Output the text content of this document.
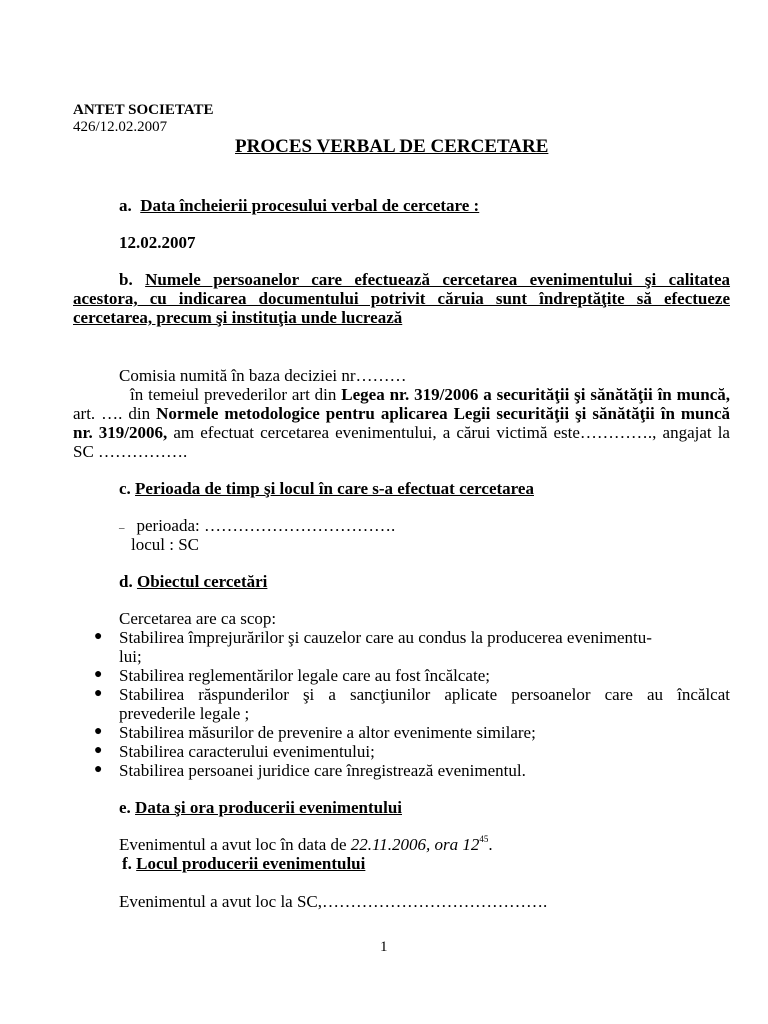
ANTET SOCIETATE
426/12.02.2007
PROCES VERBAL DE CERCETARE
a. Data încheierii procesului verbal de cercetare :
12.02.2007
b. Numele persoanelor care efectuează cercetarea evenimentului şi calitatea acestora, cu indicarea documentului potrivit căruia sunt îndreptăţite să efectueze cercetarea, precum şi instituţia unde lucrează
Comisia numită în baza deciziei nr………
în temeiul prevederilor art din Legea nr. 319/2006 a securităţii şi sănătăţii în muncă, art. …. din Normele metodologice pentru aplicarea Legii securităţii şi sănătăţii în muncă nr. 319/2006, am efectuat cercetarea evenimentului, a cărui victimă este…………., angajat la SC …………….
c. Perioada de timp şi locul în care s-a efectuat cercetarea
– perioada: …………………………….
locul : SC
d. Obiectul cercetări
Cercetarea are ca scop:
● Stabilirea împrejurărilor şi cauzelor care au condus la producerea evenimentu-
lui;
● Stabilirea reglementărilor legale care au fost încălcate;
● Stabilirea răspunderilor şi a sancţiunilor aplicate persoanelor care au încălcat
prevederile legale ;
● Stabilirea măsurilor de prevenire a altor evenimente similare;
● Stabilirea caracterului evenimentului;
● Stabilirea persoanei juridice care înregistrează evenimentul.
e. Data şi ora producerii evenimentului
Evenimentul a avut loc în data de 22.11.2006, ora $12^{45}$.
f. Locul producerii evenimentului
Evenimentul a avut loc la SC,………………………………….
1
